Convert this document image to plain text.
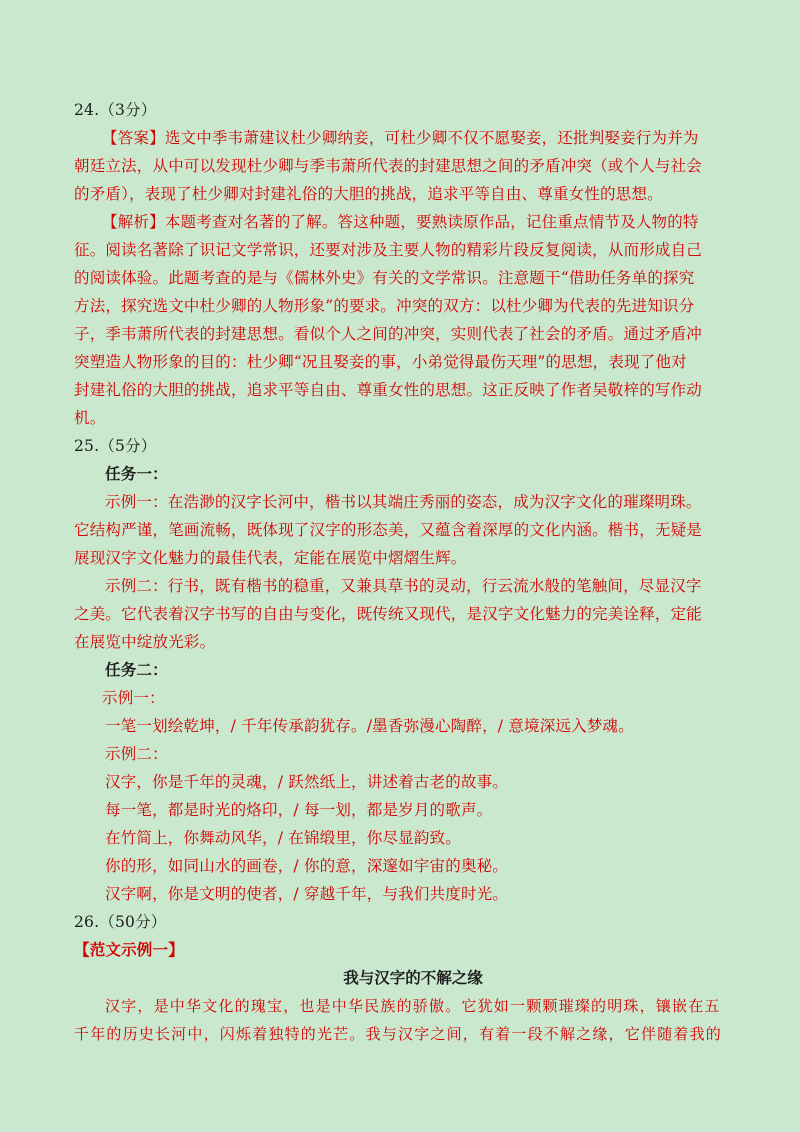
24.（3分）
【答案】选文中季韦萧建议杜少卿纳妾，可杜少卿不仅不愿娶妾，还批判娶妾行为并为
朝廷立法，从中可以发现杜少卿与季韦萧所代表的封建思想之间的矛盾冲突（或个人与社会
的矛盾），表现了杜少卿对封建礼俗的大胆的挑战，追求平等自由、尊重女性的思想。
【解析】本题考查对名著的了解。答这种题，要熟读原作品，记住重点情节及人物的特
征。阅读名著除了识记文学常识，还要对涉及主要人物的精彩片段反复阅读，从而形成自己
的阅读体验。此题考查的是与《儒林外史》有关的文学常识。注意题干“借助任务单的探究
方法，探究选文中杜少卿的人物形象”的要求。冲突的双方：以杜少卿为代表的先进知识分
子，季韦萧所代表的封建思想。看似个人之间的冲突，实则代表了社会的矛盾。通过矛盾冲
突塑造人物形象的目的：杜少卿“况且娶妾的事，小弟觉得最伤天理”的思想，表现了他对
封建礼俗的大胆的挑战，追求平等自由、尊重女性的思想。这正反映了作者吴敬梓的写作动
机。
25.（5分）
任务一：
示例一：在浩渺的汉字长河中，楷书以其端庄秀丽的姿态，成为汉字文化的璀璨明珠。
它结构严谨，笔画流畅，既体现了汉字的形态美，又蕴含着深厚的文化内涵。楷书，无疑是
展现汉字文化魅力的最佳代表，定能在展览中熠熠生辉。
示例二：行书，既有楷书的稳重，又兼具草书的灵动，行云流水般的笔触间，尽显汉字
之美。它代表着汉字书写的自由与变化，既传统又现代，是汉字文化魅力的完美诠释，定能
在展览中绽放光彩。
任务二：
示例一：
一笔一划绘乾坤，/ 千年传承韵犹存。/墨香弥漫心陶醉，/ 意境深远入梦魂。
示例二：
汉字，你是千年的灵魂，/ 跃然纸上，讲述着古老的故事。
每一笔，都是时光的烙印，/ 每一划，都是岁月的歌声。
在竹简上，你舞动风华，/ 在锦缎里，你尽显韵致。
你的形，如同山水的画卷，/ 你的意，深邃如宇宙的奥秘。
汉字啊，你是文明的使者，/ 穿越千年，与我们共度时光。
26.（50分）
【范文示例一】
我与汉字的不解之缘
汉字，是中华文化的瑰宝，也是中华民族的骄傲。它犹如一颗颗璀璨的明珠，镶嵌在五
千年的历史长河中，闪烁着独特的光芒。我与汉字之间，有着一段不解之缘，它伴随着我的
